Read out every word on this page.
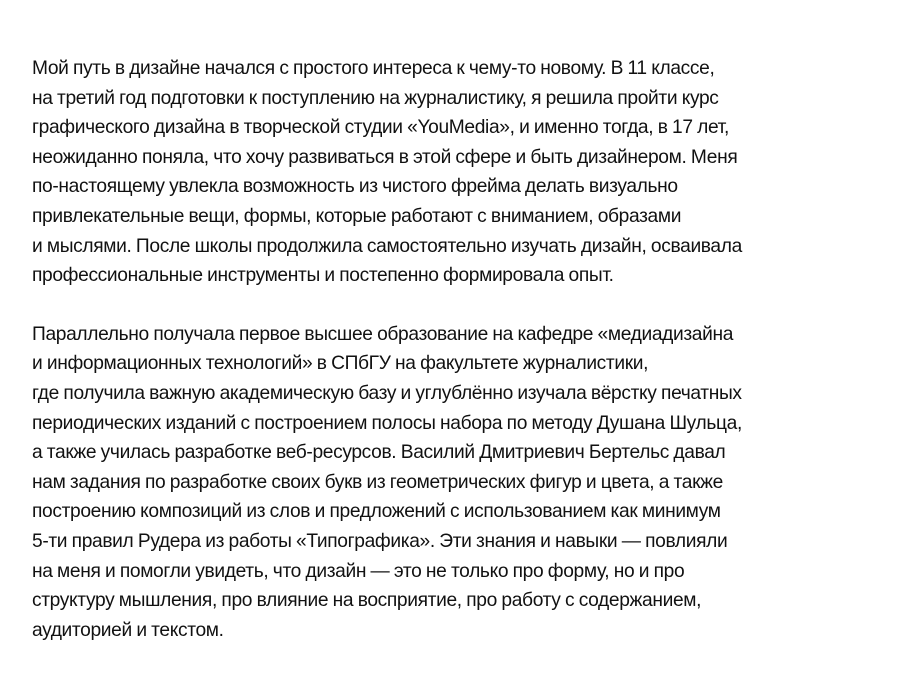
Мой путь в дизайне начался с простого интереса к чему-то новому. В 11 классе,
на третий год подготовки к поступлению на журналистику, я решила пройти курс
графического дизайна в творческой студии «YouMedia», и именно тогда, в 17 лет,
неожиданно поняла, что хочу развиваться в этой сфере и быть дизайнером. Меня
по-настоящему увлекла возможность из чистого фрейма делать визуально
привлекательные вещи, формы, которые работают с вниманием, образами
и мыслями. После школы продолжила самостоятельно изучать дизайн, осваивала
профессиональные инструменты и постепенно формировала опыт.

Параллельно получала первое высшее образование на кафедре «медиадизайна
и информационных технологий» в СПбГУ на факультете журналистики,
где получила важную академическую базу и углублённо изучала вёрстку печатных
периодических изданий с построением полосы набора по методу Душана Шульца,
а также училась разработке веб-ресурсов. Василий Дмитриевич Бертельс давал
нам задания по разработке своих букв из геометрических фигур и цвета, а также
построению композиций из слов и предложений с использованием как минимум
5-ти правил Рудера из работы «Типографика». Эти знания и навыки — повлияли
на меня и помогли увидеть, что дизайн — это не только про форму, но и про
структуру мышления, про влияние на восприятие, про работу с содержанием,
аудиторией и текстом.
